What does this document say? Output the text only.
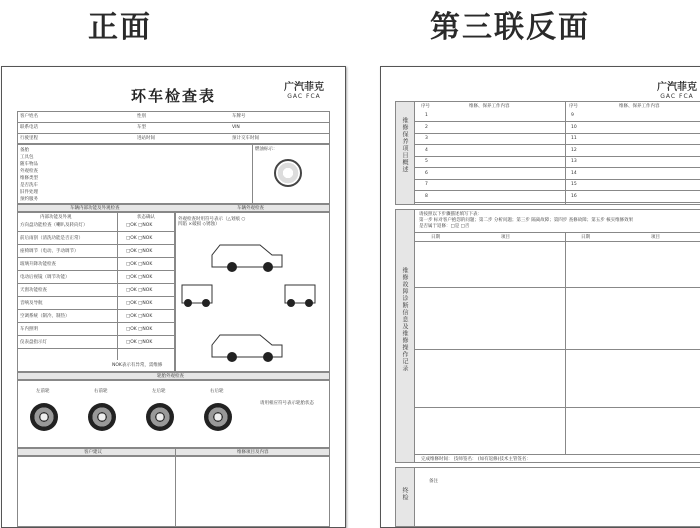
正面	第三联反面
广汽菲克
GAC FCA
环车检查表
客户姓名	性别	车牌号
联系电话	车型	VIN
行驶里程	进站时间	预计交车时间
备胎
工具包
随车物品
外观检查
维修类型
是否洗车
旧件处理
预约服务
燃油标示：
车辆内部功能及外观检查	车辆外观检查
内部功能及外观	状态确认
方向盘功能检查（喇叭及转向灯）	□OK □NOK
前后雨刮（清洗功能是否正常）	□OK □NOK
座椅调节（电动、手动调节）	□OK □NOK
玻璃升降功能检查	□OK □NOK
电动后视镜（调节功能）	□OK □NOK
天窗功能检查	□OK □NOK
音响及导航	□OK □NOK
空调系统（制冷、制热）	□OK □NOK
车内照明	□OK □NOK
仪表盘指示灯	□OK □NOK
NOK表示有异常，需维修
外观检查时用符号表示（△划痕 ○凹陷 ×破损 ◇锈蚀）
轮胎外观检查
左前轮	右前轮	左后轮	右后轮
请用相应符号表示轮胎状态
客户建议	维修项目及内容
广汽菲克
GAC FCA
维修保养项目概述
序号	维修、保养工作内容	序号	维修、保养工作内容
1	9
2	10
3	11
4	12
5	13
6	14
7	15
8	16
维修故障诊断信息及维修操作记录
请按照以下步骤描述填写下表：
第一步 标对客户抱怨的问题；第二步 分析问题；第三步 隔离故障；第四步 查修故障；第五步 核实维修效果
是否属于返修：□是 □否
日期	项目	日期	项目
完成维修时间： 技师签名： (如有返修)技术主管签名：
终检
备注
